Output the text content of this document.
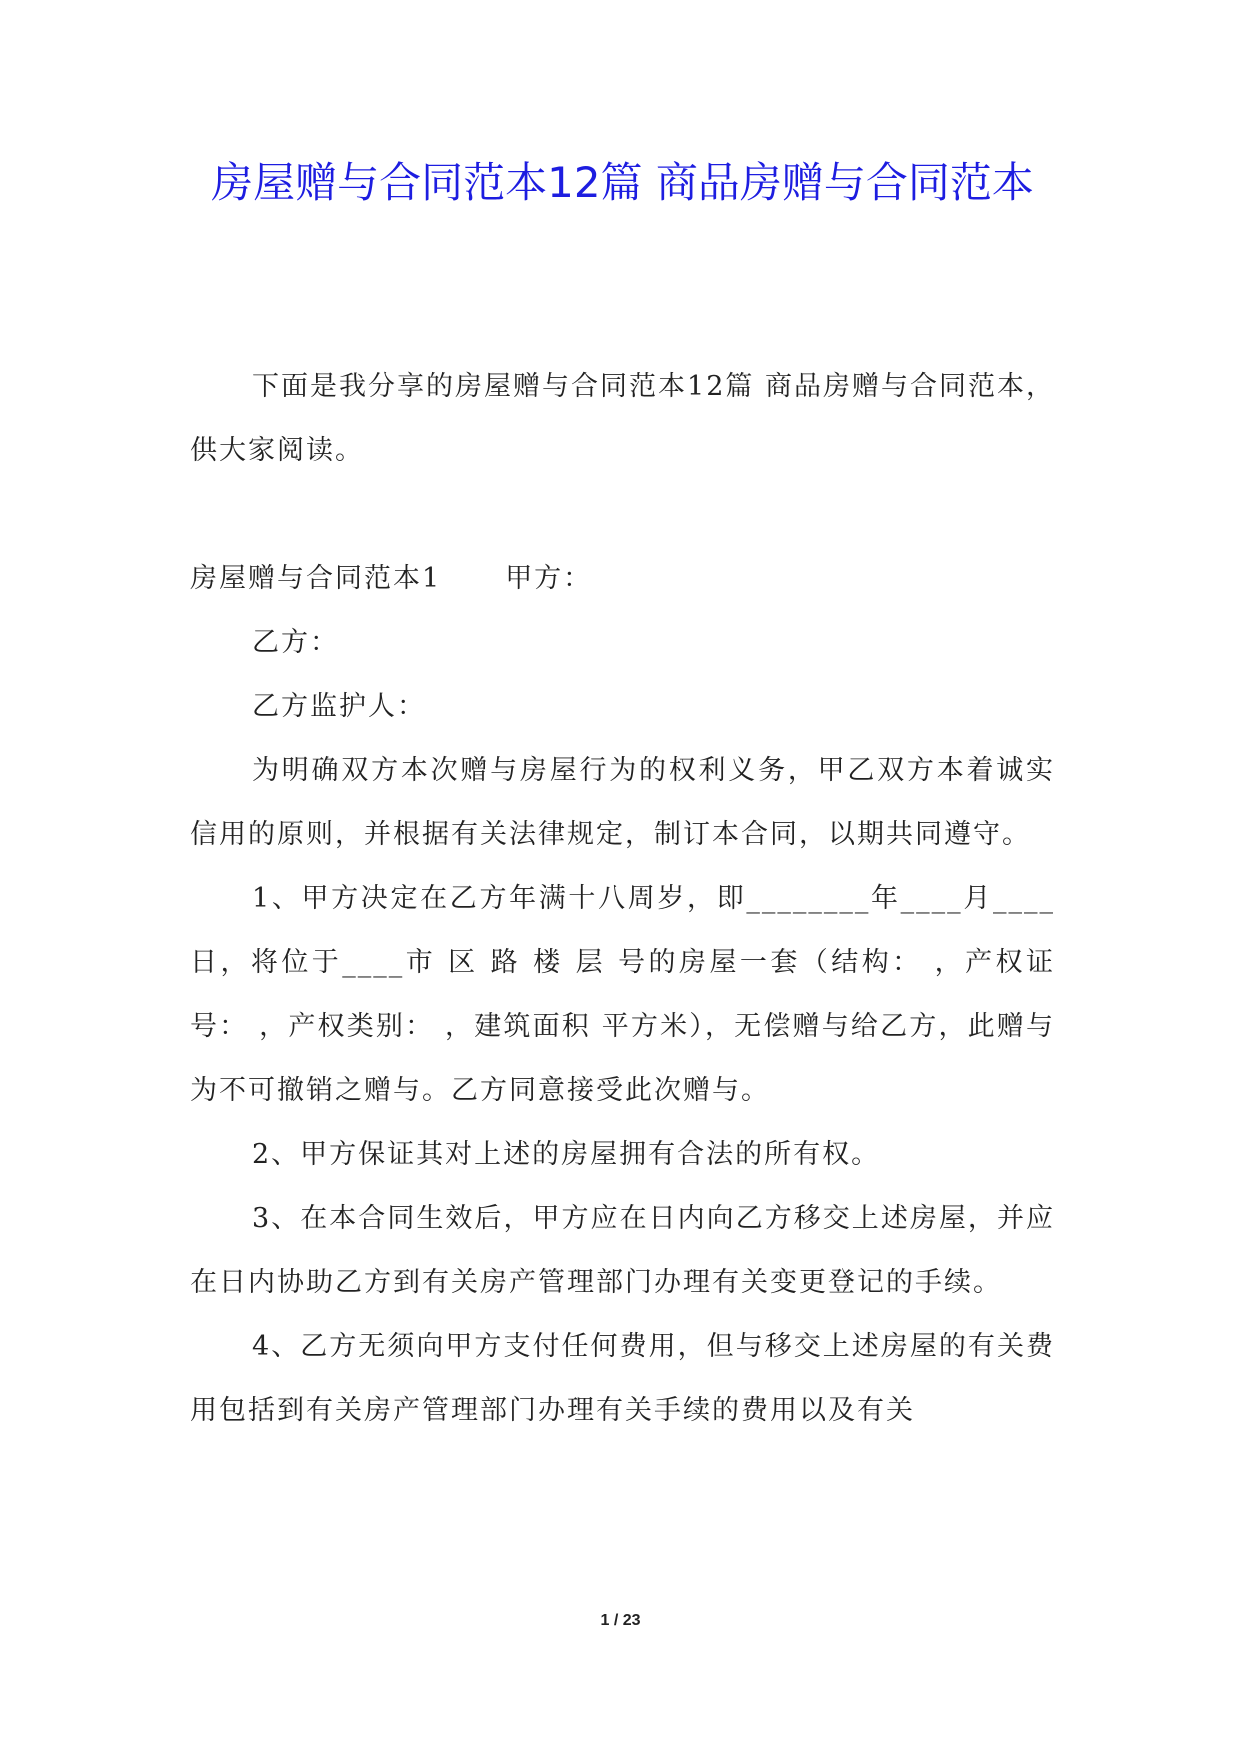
房屋赠与合同范本12篇 商品房赠与合同范本

下面是我分享的房屋赠与合同范本12篇 商品房赠与合同范本，供大家阅读。

房屋赠与合同范本1 甲方：

乙方：

乙方监护人：

为明确双方本次赠与房屋行为的权利义务，甲乙双方本着诚实信用的原则，并根据有关法律规定，制订本合同，以期共同遵守。

1、甲方决定在乙方年满十八周岁，即________年____月____日，将位于____市 区 路 楼 层 号的房屋一套（结构： ，产权证号： ，产权类别： ，建筑面积 平方米），无偿赠与给乙方，此赠与为不可撤销之赠与。乙方同意接受此次赠与。

2、甲方保证其对上述的房屋拥有合法的所有权。

3、在本合同生效后，甲方应在日内向乙方移交上述房屋，并应在日内协助乙方到有关房产管理部门办理有关变更登记的手续。

4、乙方无须向甲方支付任何费用，但与移交上述房屋的有关费用包括到有关房产管理部门办理有关手续的费用以及有关

1 / 23
